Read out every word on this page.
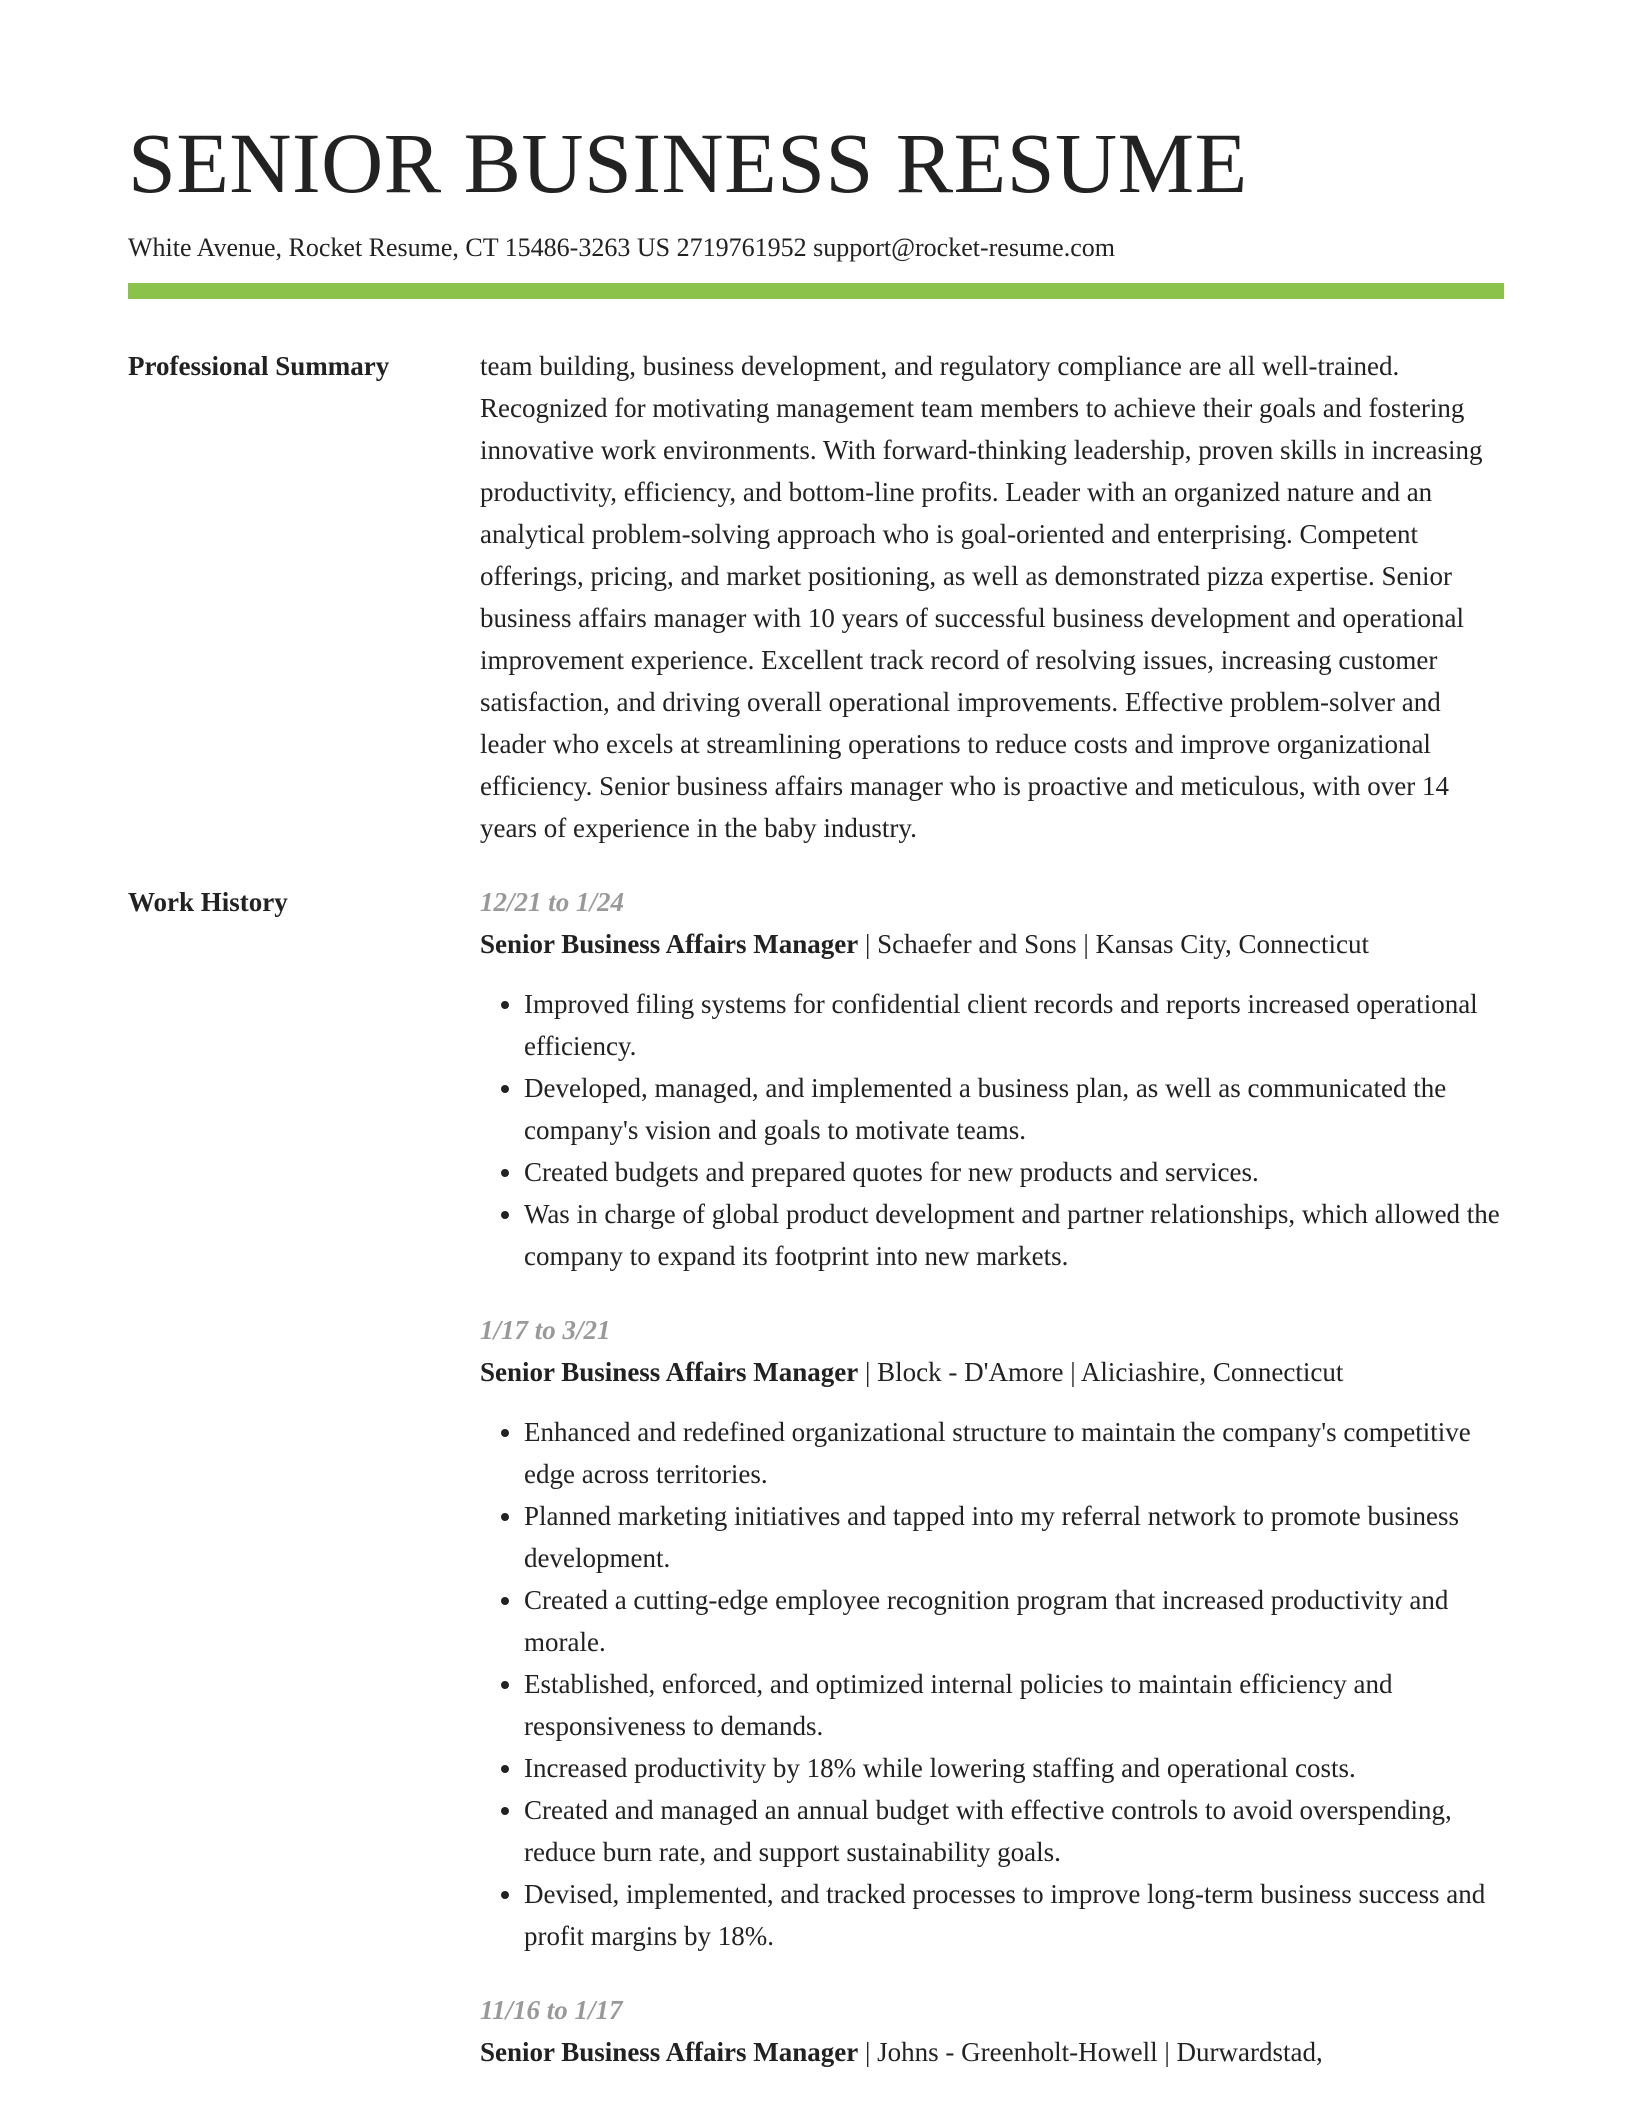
SENIOR BUSINESS RESUME
White Avenue, Rocket Resume, CT 15486-3263 US 2719761952 support@rocket-resume.com
Professional Summary	team building, business development, and regulatory compliance are all well-trained. Recognized for motivating management team members to achieve their goals and fostering innovative work environments. With forward-thinking leadership, proven skills in increasing productivity, efficiency, and bottom-line profits. Leader with an organized nature and an analytical problem-solving approach who is goal-oriented and enterprising. Competent offerings, pricing, and market positioning, as well as demonstrated pizza expertise. Senior business affairs manager with 10 years of successful business development and operational improvement experience. Excellent track record of resolving issues, increasing customer satisfaction, and driving overall operational improvements. Effective problem-solver and leader who excels at streamlining operations to reduce costs and improve organizational efficiency. Senior business affairs manager who is proactive and meticulous, with over 14 years of experience in the baby industry.
Work History	12/21 to 1/24
Senior Business Affairs Manager | Schaefer and Sons | Kansas City, Connecticut
• Improved filing systems for confidential client records and reports increased operational efficiency.
• Developed, managed, and implemented a business plan, as well as communicated the company's vision and goals to motivate teams.
• Created budgets and prepared quotes for new products and services.
• Was in charge of global product development and partner relationships, which allowed the company to expand its footprint into new markets.
1/17 to 3/21
Senior Business Affairs Manager | Block - D'Amore | Aliciashire, Connecticut
• Enhanced and redefined organizational structure to maintain the company's competitive edge across territories.
• Planned marketing initiatives and tapped into my referral network to promote business development.
• Created a cutting-edge employee recognition program that increased productivity and morale.
• Established, enforced, and optimized internal policies to maintain efficiency and responsiveness to demands.
• Increased productivity by 18% while lowering staffing and operational costs.
• Created and managed an annual budget with effective controls to avoid overspending, reduce burn rate, and support sustainability goals.
• Devised, implemented, and tracked processes to improve long-term business success and profit margins by 18%.
11/16 to 1/17
Senior Business Affairs Manager | Johns - Greenholt-Howell | Durwardstad,
